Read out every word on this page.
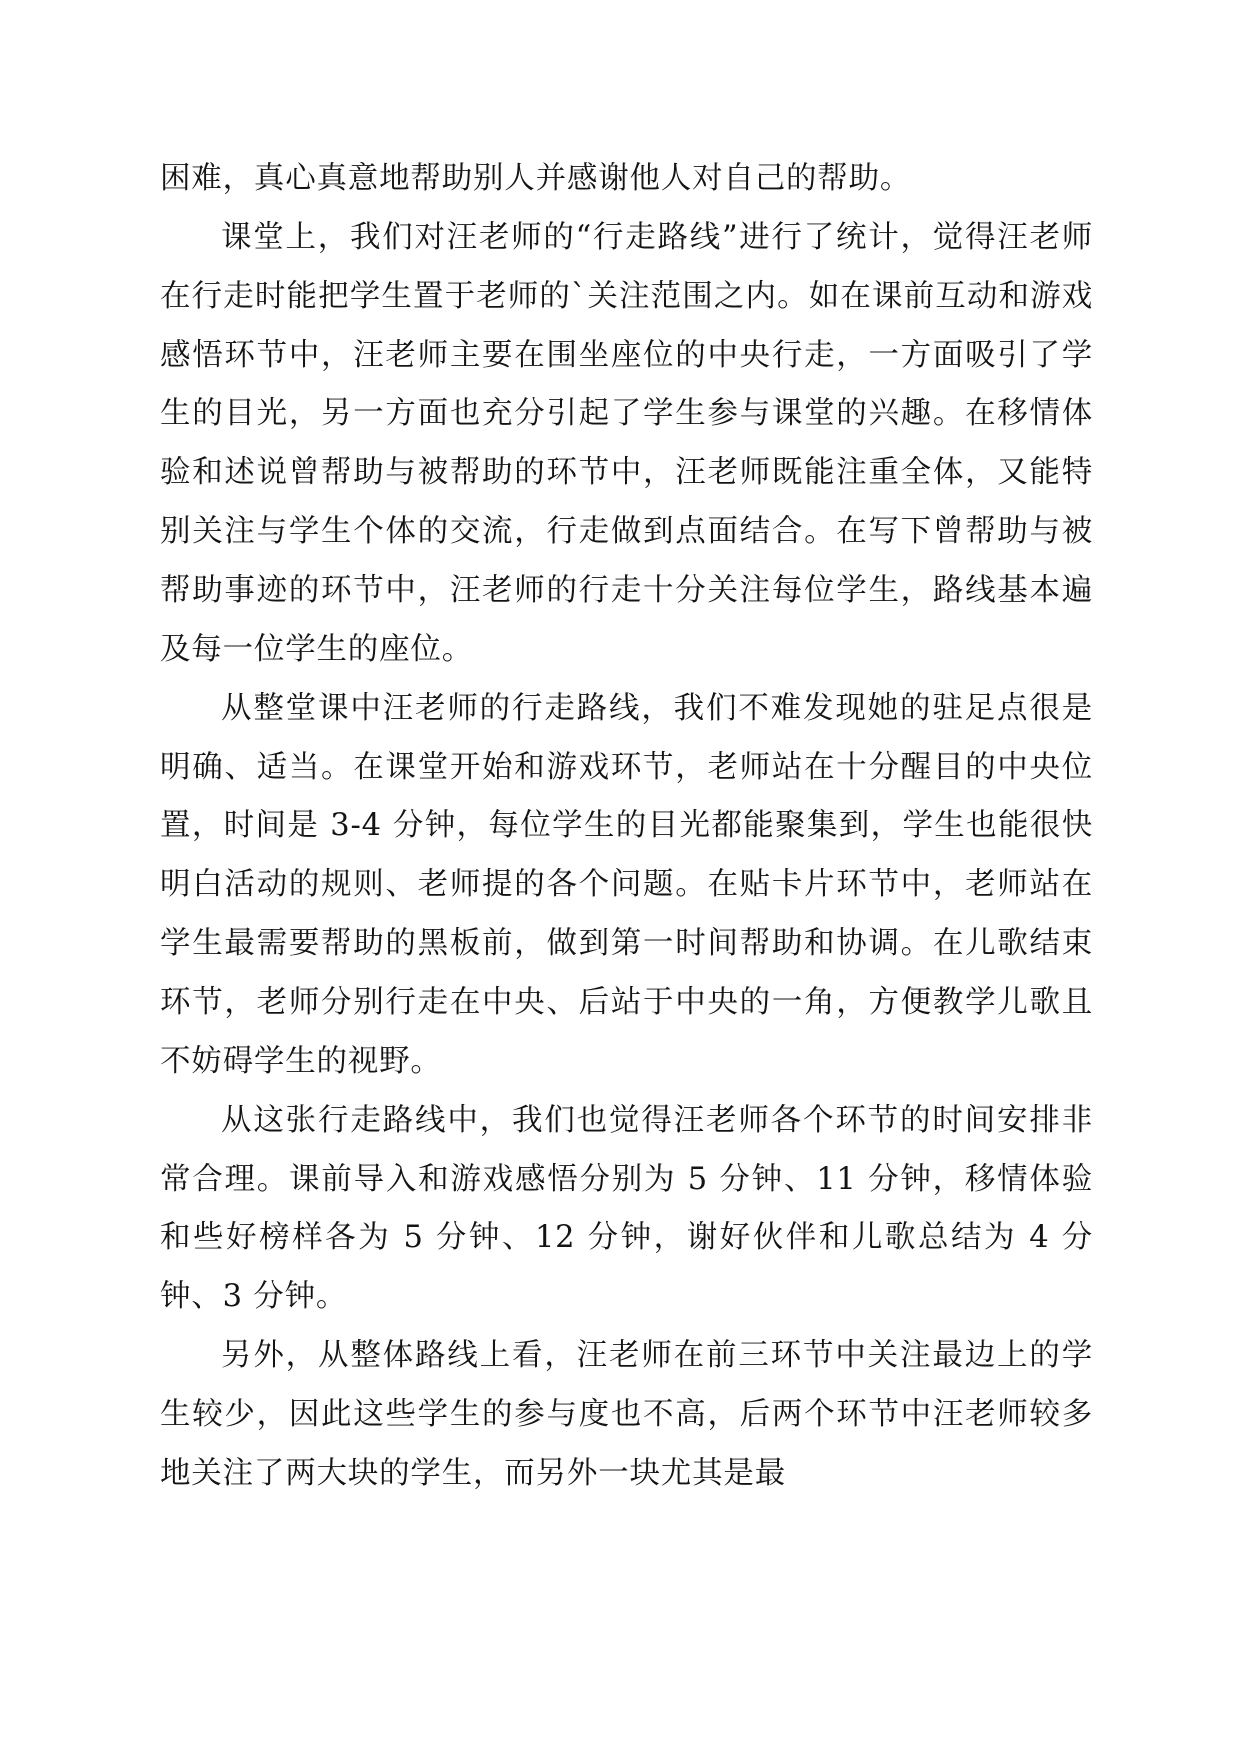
困难，真心真意地帮助别人并感谢他人对自己的帮助。

课堂上，我们对汪老师的“行走路线”进行了统计，觉得汪老师在行走时能把学生置于老师的`关注范围之内。如在课前互动和游戏感悟环节中，汪老师主要在围坐座位的中央行走，一方面吸引了学生的目光，另一方面也充分引起了学生参与课堂的兴趣。在移情体验和述说曾帮助与被帮助的环节中，汪老师既能注重全体，又能特别关注与学生个体的交流，行走做到点面结合。在写下曾帮助与被帮助事迹的环节中，汪老师的行走十分关注每位学生，路线基本遍及每一位学生的座位。

从整堂课中汪老师的行走路线，我们不难发现她的驻足点很是明确、适当。在课堂开始和游戏环节，老师站在十分醒目的中央位置，时间是 3-4 分钟，每位学生的目光都能聚集到，学生也能很快明白活动的规则、老师提的各个问题。在贴卡片环节中，老师站在学生最需要帮助的黑板前，做到第一时间帮助和协调。在儿歌结束环节，老师分别行走在中央、后站于中央的一角，方便教学儿歌且不妨碍学生的视野。

从这张行走路线中，我们也觉得汪老师各个环节的时间安排非常合理。课前导入和游戏感悟分别为 5 分钟、11 分钟，移情体验和些好榜样各为 5 分钟、12 分钟，谢好伙伴和儿歌总结为 4 分钟、3 分钟。

另外，从整体路线上看，汪老师在前三环节中关注最边上的学生较少，因此这些学生的参与度也不高，后两个环节中汪老师较多地关注了两大块的学生，而另外一块尤其是最
